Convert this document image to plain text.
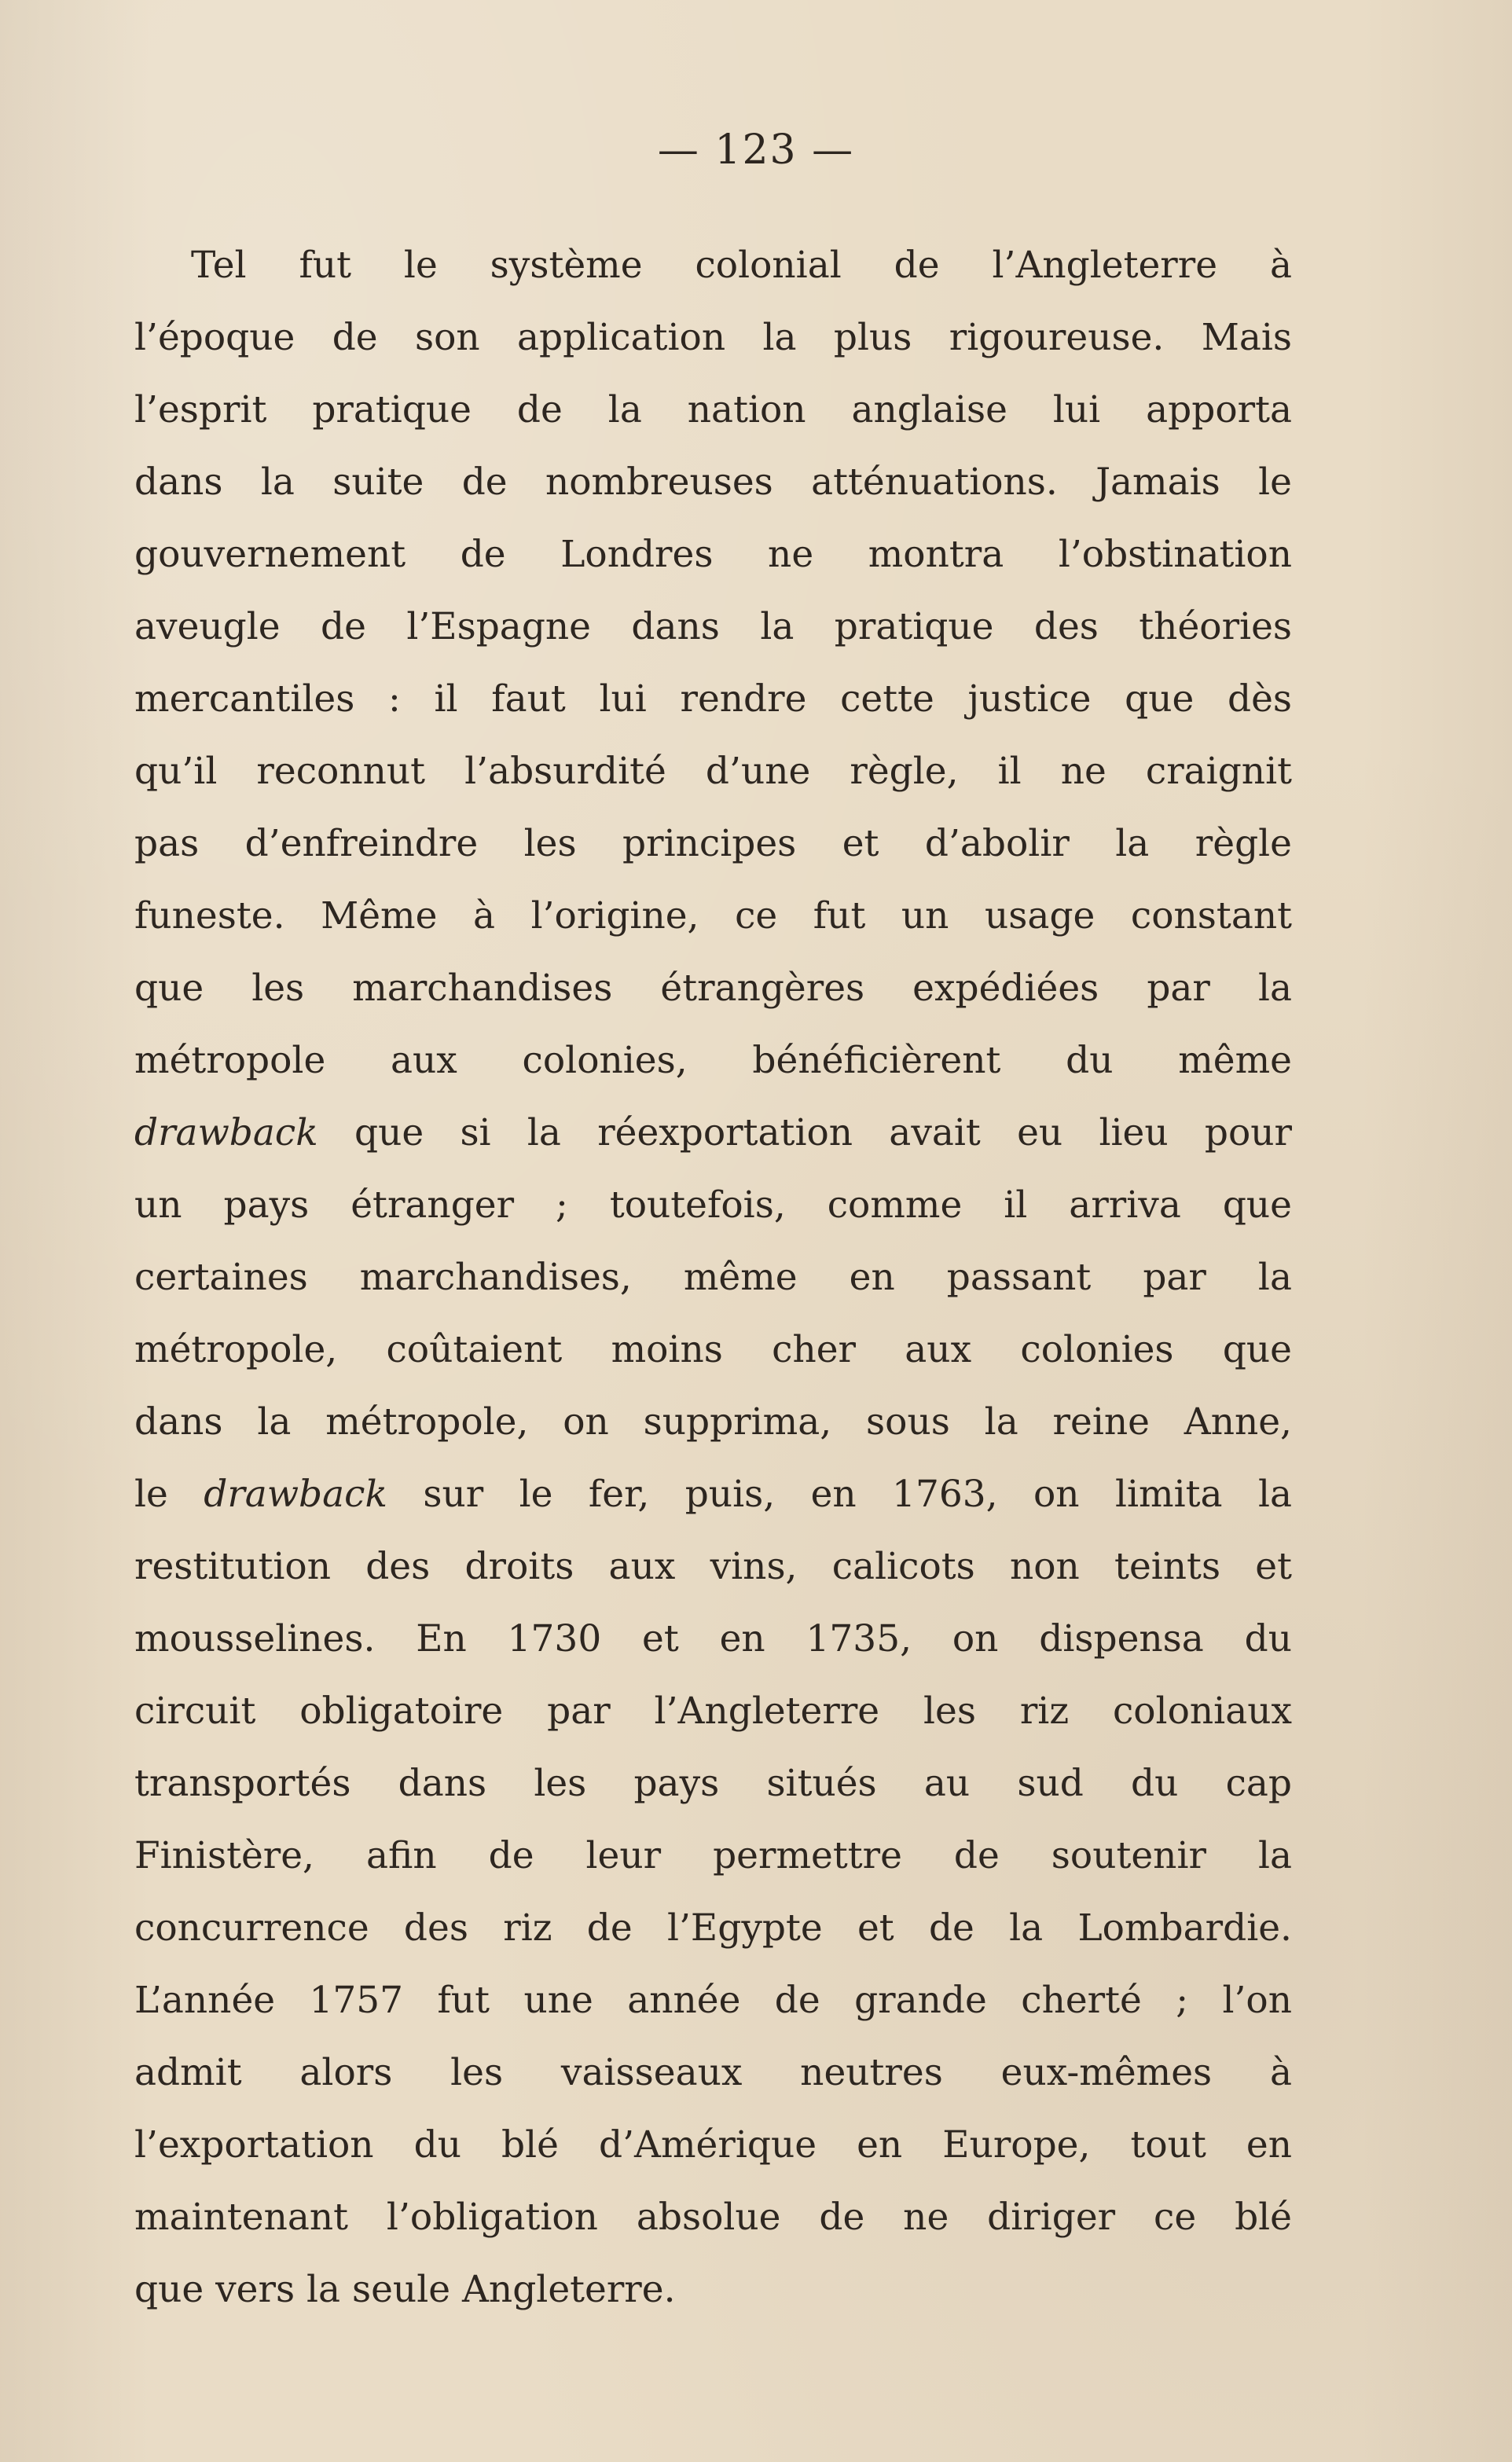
— 123 —
Tel fut le système colonial de l’Angleterre à
l’époque de son application la plus rigoureuse. Mais
l’esprit pratique de la nation anglaise lui apporta
dans la suite de nombreuses atténuations. Jamais le
gouvernement de Londres ne montra l’obstination
aveugle de l’Espagne dans la pratique des théories
mercantiles : il faut lui rendre cette justice que dès
qu’il reconnut l’absurdité d’une règle, il ne craignit
pas d’enfreindre les principes et d’abolir la règle
funeste. Même à l’origine, ce fut un usage constant
que les marchandises étrangères expédiées par la
métropole aux colonies, bénéficièrent du même
drawback que si la réexportation avait eu lieu pour
un pays étranger ; toutefois, comme il arriva que
certaines marchandises, même en passant par la
métropole, coûtaient moins cher aux colonies que
dans la métropole, on supprima, sous la reine Anne,
le drawback sur le fer, puis, en 1763, on limita la
restitution des droits aux vins, calicots non teints et
mousselines. En 1730 et en 1735, on dispensa du
circuit obligatoire par l’Angleterre les riz coloniaux
transportés dans les pays situés au sud du cap
Finistère, afin de leur permettre de soutenir la
concurrence des riz de l’Egypte et de la Lombardie.
L’année 1757 fut une année de grande cherté ; l’on
admit alors les vaisseaux neutres eux-mêmes à
l’exportation du blé d’Amérique en Europe, tout en
maintenant l’obligation absolue de ne diriger ce blé
que vers la seule Angleterre.
